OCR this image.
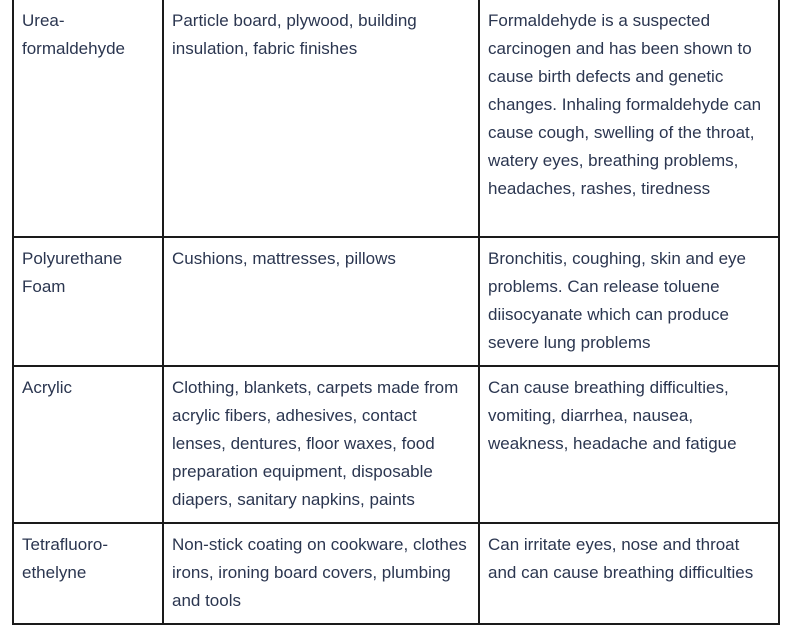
Urea-formaldehyde	Particle board, plywood, building insulation, fabric finishes	Formaldehyde is a suspected carcinogen and has been shown to cause birth defects and genetic changes. Inhaling formaldehyde can cause cough, swelling of the throat, watery eyes, breathing problems, headaches, rashes, tiredness
Polyurethane Foam	Cushions, mattresses, pillows	Bronchitis, coughing, skin and eye problems. Can release toluene diisocyanate which can produce severe lung problems
Acrylic	Clothing, blankets, carpets made from acrylic fibers, adhesives, contact lenses, dentures, floor waxes, food preparation equipment, disposable diapers, sanitary napkins, paints	Can cause breathing difficulties, vomiting, diarrhea, nausea, weakness, headache and fatigue
Tetrafluoro-ethelyne	Non-stick coating on cookware, clothes irons, ironing board covers, plumbing and tools	Can irritate eyes, nose and throat and can cause breathing difficulties
